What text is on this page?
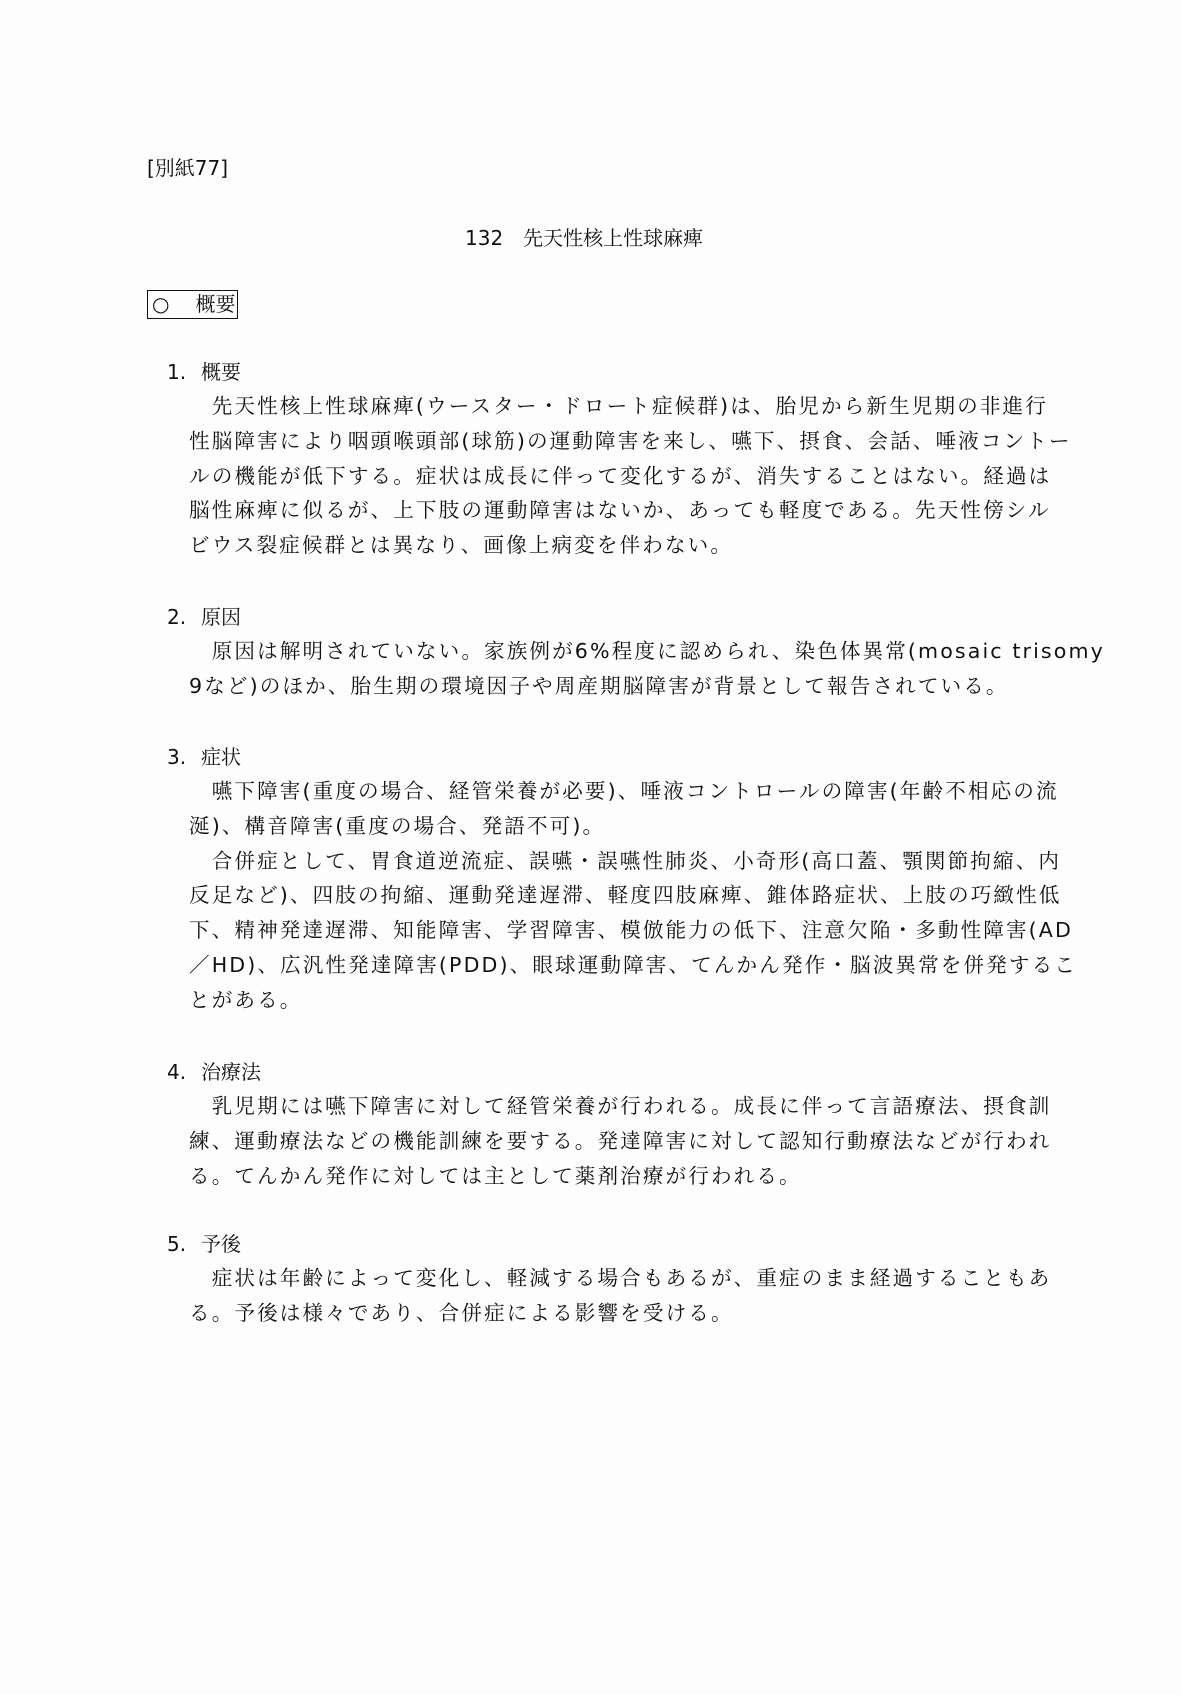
[別紙77]
132　先天性核上性球麻痺
○ 概要
1. 概要
　先天性核上性球麻痺(ウースター・ドロート症候群)は、胎児から新生児期の非進行
性脳障害により咽頭喉頭部(球筋)の運動障害を来し、嚥下、摂食、会話、唾液コントー
ルの機能が低下する。症状は成長に伴って変化するが、消失することはない。経過は
脳性麻痺に似るが、上下肢の運動障害はないか、あっても軽度である。先天性傍シル
ビウス裂症候群とは異なり、画像上病変を伴わない。
2. 原因
　原因は解明されていない。家族例が6%程度に認められ、染色体異常(mosaic trisomy
9など)のほか、胎生期の環境因子や周産期脳障害が背景として報告されている。
3. 症状
　嚥下障害(重度の場合、経管栄養が必要)、唾液コントロールの障害(年齢不相応の流
涎)、構音障害(重度の場合、発語不可)。
　合併症として、胃食道逆流症、誤嚥・誤嚥性肺炎、小奇形(高口蓋、顎関節拘縮、内
反足など)、四肢の拘縮、運動発達遅滞、軽度四肢麻痺、錐体路症状、上肢の巧緻性低
下、精神発達遅滞、知能障害、学習障害、模倣能力の低下、注意欠陥・多動性障害(AD
／HD)、広汎性発達障害(PDD)、眼球運動障害、てんかん発作・脳波異常を併発するこ
とがある。
4. 治療法
　乳児期には嚥下障害に対して経管栄養が行われる。成長に伴って言語療法、摂食訓
練、運動療法などの機能訓練を要する。発達障害に対して認知行動療法などが行われ
る。てんかん発作に対しては主として薬剤治療が行われる。
5. 予後
　症状は年齢によって変化し、軽減する場合もあるが、重症のまま経過することもあ
る。予後は様々であり、合併症による影響を受ける。
